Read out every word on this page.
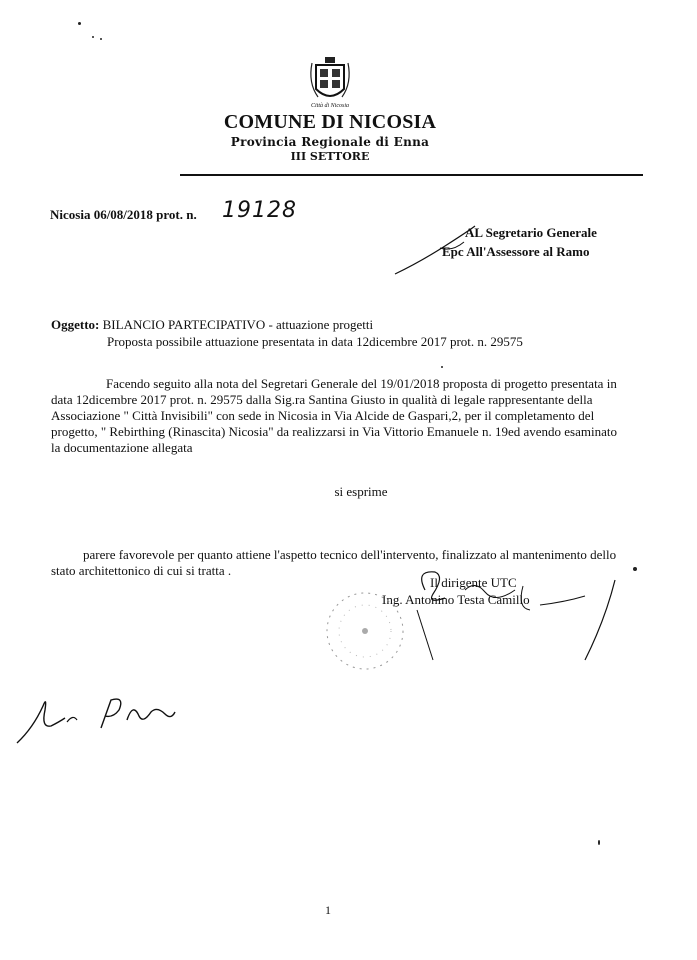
Città di Nicosia
COMUNE DI NICOSIA
Provincia Regionale di Enna
III SETTORE
Nicosia 06/08/2018 prot. n. 19128
AL Segretario Generale
Epc All'Assessore al Ramo
Oggetto: BILANCIO PARTECIPATIVO - attuazione progetti
Proposta possibile attuazione presentata in data 12dicembre 2017 prot. n. 29575
Facendo seguito alla nota del Segretari Generale del 19/01/2018 proposta di progetto presentata in data 12dicembre 2017 prot. n. 29575 dalla Sig.ra Santina Giusto in qualità di legale rappresentante della Associazione " Città Invisibili" con sede in Nicosia in Via Alcide de Gaspari,2, per il completamento del progetto, " Rebirthing (Rinascita) Nicosia" da realizzarsi in Via Vittorio Emanuele n. 19ed avendo esaminato la documentazione allegata
si esprime
parere favorevole per quanto attiene l'aspetto tecnico dell'intervento, finalizzato al mantenimento dello stato architettonico di cui si tratta .
Il dirigente UTC
Ing. Antonino Testa Camillo
1
